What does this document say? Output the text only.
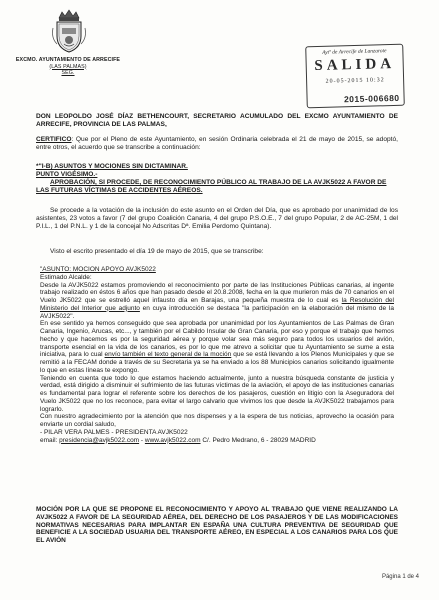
EXCMO. AYUNTAMIENTO DE ARRECIFE
(LAS PALMAS)
SEG.
Aytº de Arrecife de Lanzarote
SALIDA
20-05-2015 10:32
2015-006680
DON LEOPOLDO JOSÉ DÍAZ BETHENCOURT, SECRETARIO ACUMULADO DEL EXCMO AYUNTAMIENTO DE ARRECIFE, PROVINCIA DE LAS PALMAS,
CERTIFICO: Que por el Pleno de este Ayuntamiento, en sesión Ordinaria celebrada el 21 de mayo de 2015, se adoptó, entre otros, el acuerdo que se transcribe a continuación:
*"I-B) ASUNTOS Y MOCIONES SIN DICTAMINAR.
PUNTO VIGÉSIMO.-
APROBACIÓN, SI PROCEDE, DE RECONOCIMIENTO PÚBLICO AL TRABAJO DE LA AVJK5022 A FAVOR DE LAS FUTURAS VÍCTIMAS DE ACCIDENTES AÉREOS.
Se procede a la votación de la inclusión do este asunto en el Orden del Día, que es aprobado por unanimidad de los asistentes, 23 votos a favor (7 del grupo Coalición Canaria, 4 del grupo P.S.O.E., 7 del grupo Popular, 2 de AC-25M, 1 del P.I.L., 1 del P.N.L. y 1 de la concejal No Adscritas Dª. Emilia Perdomo Quintana).
Visto el escrito presentado el día 19 de mayo de 2015, que se transcribe:

"ASUNTO: MOCION APOYO AVJK5022

Estimado Alcalde:

Desde la AVJK5022 estamos promoviendo el reconocimiento por parte de las Instituciones Públicas canarias, al ingente trabajo realizado en éstos 6 años que han pasado desde el 20.8.2008, fecha en la que murieron más de 70 canarios en el Vuelo JK5022 que se estrelló aquel infausto día en Barajas, una pequeña muestra de lo cual es la Resolución del Ministerio del Interior que adjunto en cuya introducción se destaca "la participación en la elaboración del mismo de la AVJK5022".

En ese sentido ya hemos conseguido que sea aprobada por unanimidad por los Ayuntamientos de Las Palmas de Gran Canaria, Ingenio, Arucas, etc..., y también por el Cabildo Insular de Gran Canaria, por eso y porque el trabajo que hemos hecho y que hacemos es por la seguridad aérea y porque volar sea más seguro para todos los usuarios del avión, transporte esencial en la vida de los canarios, es por lo que me atrevo a solicitar que tu Ayuntamiento se sume a esta iniciativa, para lo cual envío también el texto general de la moción que se está llevando a los Plenos Municipales y que se remitió a la FECAM donde a través de su Secretaria ya se ha enviado a los 88 Municipios canarios solicitando igualmente lo que en estas líneas te expongo.

Teniendo en cuenta que todo lo que estamos haciendo actualmente, junto a nuestra búsqueda constante de justicia y verdad, está dirigido a disminuir el sufrimiento de las futuras víctimas de la aviación, el apoyo de las instituciones canarias es fundamental para lograr el referente sobre los derechos de los pasajeros, cuestión en litigio con la Aseguradora del Vuelo JK5022 que no los reconoce, para evitar el largo calvario que vivimos los que desde la AVJK5022 trabajamos para lograrlo.

Con nuestro agradecimiento por la atención que nos dispenses y a la espera de tus noticias, aprovecho la ocasión para enviarte un cordial saludo,

- PILAR VERA PALMES - PRESIDENTA AVJK5022

email: presidencia@avjk5022.com - www.avjk5022.com C/. Pedro Medrano, 6 - 28029 MADRID

MOCIÓN POR LA QUE SE PROPONE EL RECONOCIMIENTO Y APOYO AL TRABAJO QUE VIENE REALIZANDO LA AVJK5022 A FAVOR DE LA SEGURIDAD AÉREA, DEL DERECHO DE LOS PASAJEROS Y DE LAS MODIFICACIONES NORMATIVAS NECESARIAS PARA IMPLANTAR EN ESPAÑA UNA CULTURA PREVENTIVA DE SEGURIDAD QUE BENEFICIE A LA SOCIEDAD USUARIA DEL TRANSPORTE AÉREO, EN ESPECIAL A LOS CANARIOS PARA LOS QUE EL AVIÓN
Página 1 de 4
